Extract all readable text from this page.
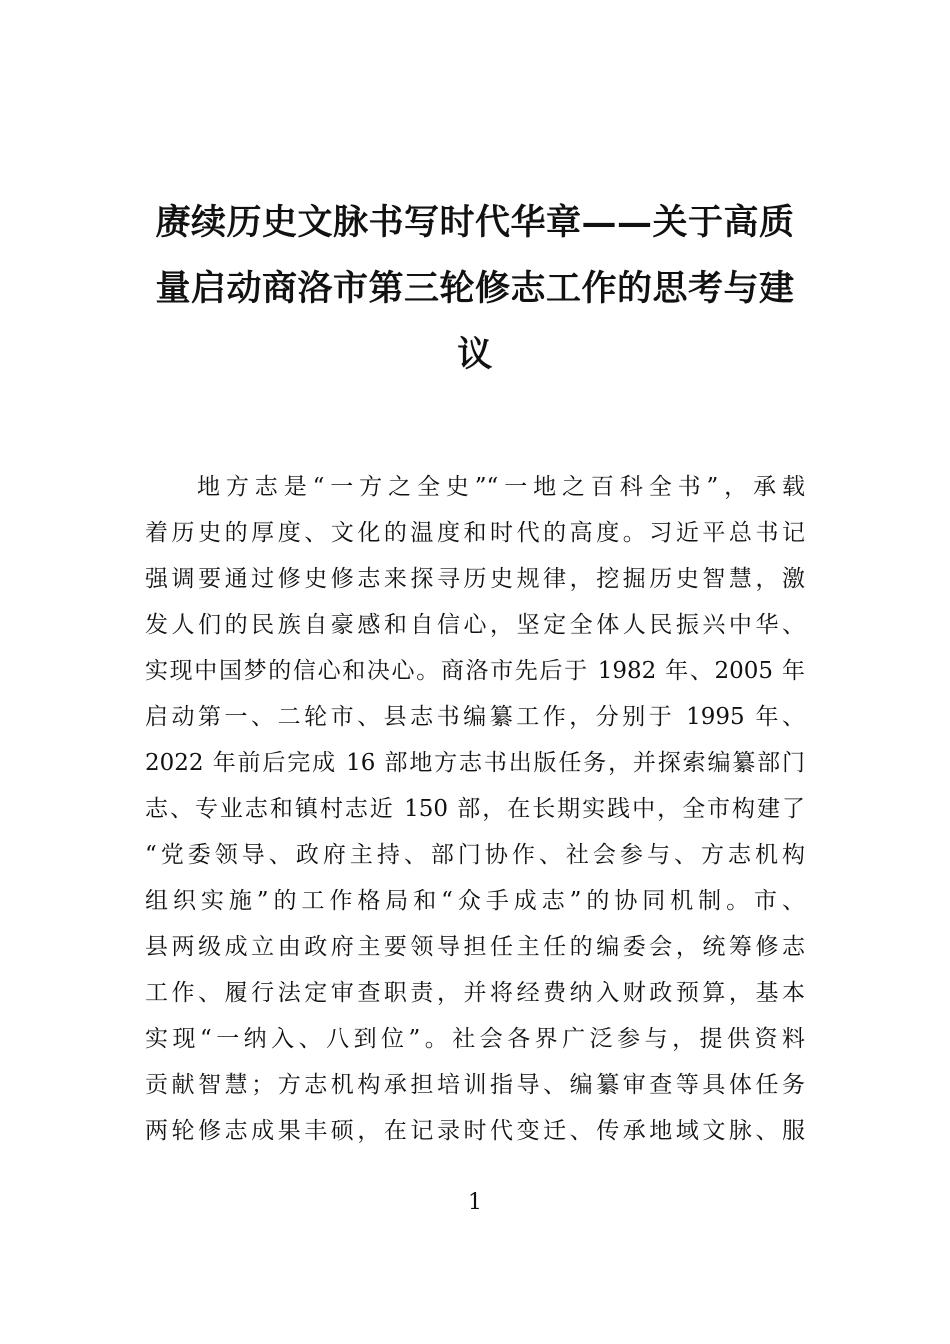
赓续历史文脉书写时代华章——关于高质
量启动商洛市第三轮修志工作的思考与建
议
地方志是“一方之全史”“一地之百科全书”，承载
着历史的厚度、文化的温度和时代的高度。习近平总书记
强调要通过修史修志来探寻历史规律，挖掘历史智慧，激
发人们的民族自豪感和自信心，坚定全体人民振兴中华、
实现中国梦的信心和决心。商洛市先后于 1982 年、2005 年
启动第一、二轮市、县志书编纂工作，分别于 1995 年、
2022 年前后完成 16 部地方志书出版任务，并探索编纂部门
志、专业志和镇村志近 150 部，在长期实践中，全市构建了
“党委领导、政府主持、部门协作、社会参与、方志机构
组织实施”的工作格局和“众手成志”的协同机制。市、
县两级成立由政府主要领导担任主任的编委会，统筹修志
工作、履行法定审查职责，并将经费纳入财政预算，基本
实现“一纳入、八到位”。社会各界广泛参与，提供资料
贡献智慧；方志机构承担培训指导、编纂审查等具体任务
两轮修志成果丰硕，在记录时代变迁、传承地域文脉、服
1
